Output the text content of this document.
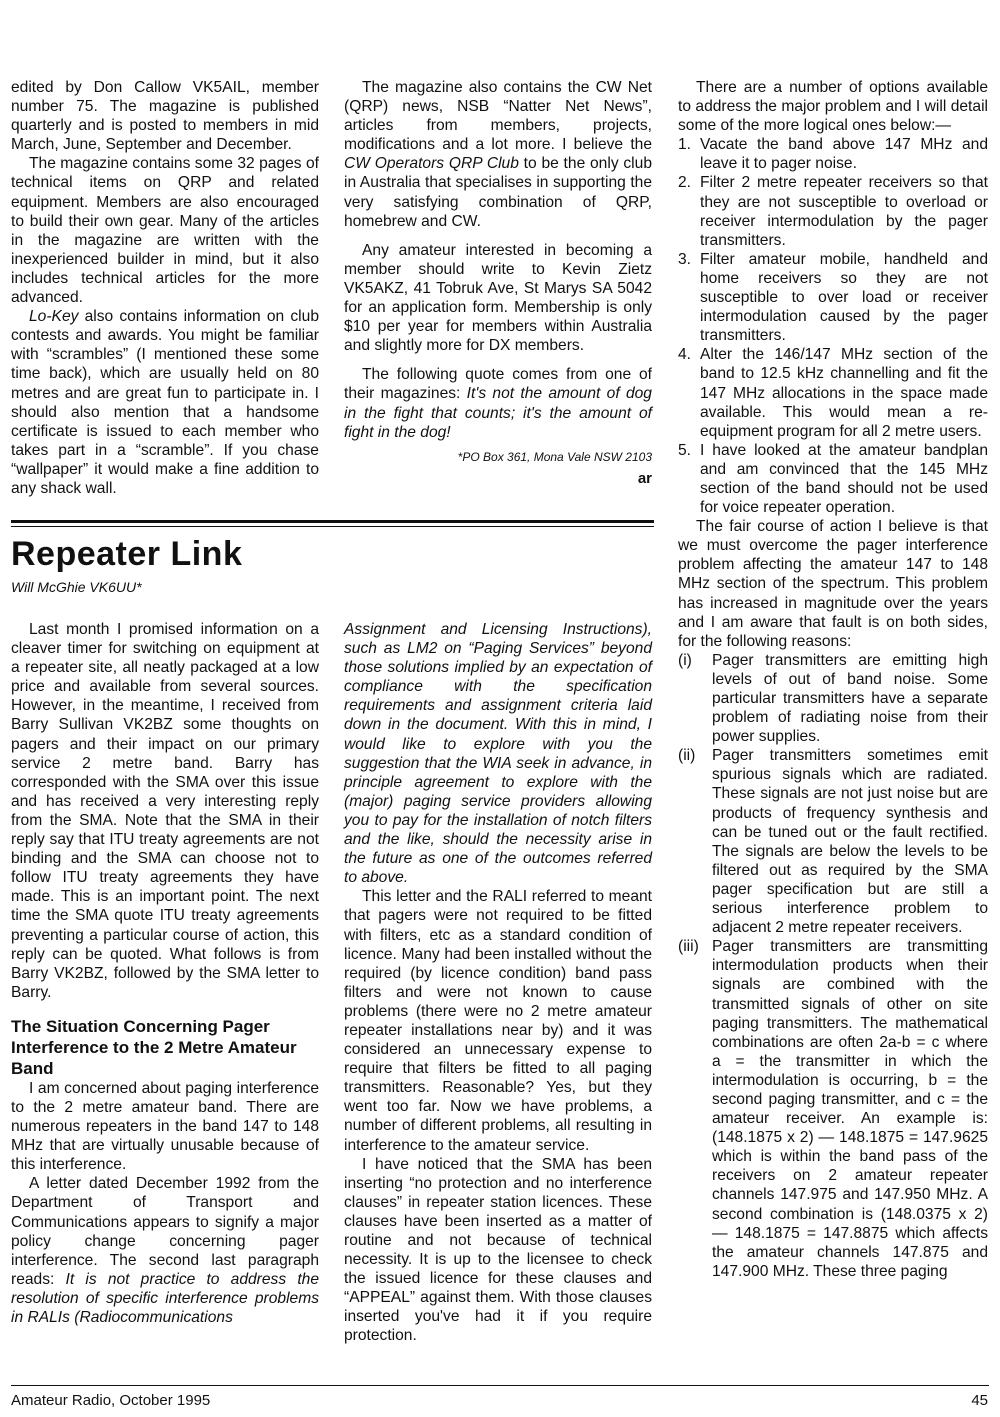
edited by Don Callow VK5AIL, member number 75. The magazine is published quarterly and is posted to members in mid March, June, September and December.

The magazine contains some 32 pages of technical items on QRP and related equipment. Members are also encouraged to build their own gear. Many of the articles in the magazine are written with the inexperienced builder in mind, but it also includes technical articles for the more advanced.

Lo-Key also contains information on club contests and awards. You might be familiar with “scrambles” (I mentioned these some time back), which are usually held on 80 metres and are great fun to participate in. I should also mention that a handsome certificate is issued to each member who takes part in a “scramble”. If you chase “wallpaper” it would make a fine addition to any shack wall.

The magazine also contains the CW Net (QRP) news, NSB “Natter Net News”, articles from members, projects, modifications and a lot more. I believe the CW Operators QRP Club to be the only club in Australia that specialises in supporting the very satisfying combination of QRP, homebrew and CW.

Any amateur interested in becoming a member should write to Kevin Zietz VK5AKZ, 41 Tobruk Ave, St Marys SA 5042 for an application form. Membership is only $10 per year for members within Australia and slightly more for DX members.

The following quote comes from one of their magazines: It's not the amount of dog in the fight that counts; it's the amount of fight in the dog!

*PO Box 361, Mona Vale NSW 2103

ar

There are a number of options available to address the major problem and I will detail some of the more logical ones below:—

1. Vacate the band above 147 MHz and leave it to pager noise.
2. Filter 2 metre repeater receivers so that they are not susceptible to overload or receiver intermodulation by the pager transmitters.
3. Filter amateur mobile, handheld and home receivers so they are not susceptible to over load or receiver intermodulation caused by the pager transmitters.
4. Alter the 146/147 MHz section of the band to 12.5 kHz channelling and fit the 147 MHz allocations in the space made available. This would mean a re-equipment program for all 2 metre users.
5. I have looked at the amateur bandplan and am convinced that the 145 MHz section of the band should not be used for voice repeater operation.

The fair course of action I believe is that we must overcome the pager interference problem affecting the amateur 147 to 148 MHz section of the spectrum. This problem has increased in magnitude over the years and I am aware that fault is on both sides, for the following reasons:

(i) Pager transmitters are emitting high levels of out of band noise. Some particular transmitters have a separate problem of radiating noise from their power supplies.
(ii) Pager transmitters sometimes emit spurious signals which are radiated. These signals are not just noise but are products of frequency synthesis and can be tuned out or the fault rectified. The signals are below the levels to be filtered out as required by the SMA pager specification but are still a serious interference problem to adjacent 2 metre repeater receivers.
(iii) Pager transmitters are transmitting intermodulation products when their signals are combined with the transmitted signals of other on site paging transmitters. The mathematical combinations are often 2a-b = c where a = the transmitter in which the intermodulation is occurring, b = the second paging transmitter, and c = the amateur receiver. An example is: (148.1875 x 2) — 148.1875 = 147.9625 which is within the band pass of the receivers on 2 amateur repeater channels 147.975 and 147.950 MHz. A second combination is (148.0375 x 2) — 148.1875 = 147.8875 which affects the amateur channels 147.875 and 147.900 MHz. These three paging
Repeater Link
Will McGhie VK6UU*

Last month I promised information on a cleaver timer for switching on equipment at a repeater site, all neatly packaged at a low price and available from several sources. However, in the meantime, I received from Barry Sullivan VK2BZ some thoughts on pagers and their impact on our primary service 2 metre band. Barry has corresponded with the SMA over this issue and has received a very interesting reply from the SMA. Note that the SMA in their reply say that ITU treaty agreements are not binding and the SMA can choose not to follow ITU treaty agreements they have made. This is an important point. The next time the SMA quote ITU treaty agreements preventing a particular course of action, this reply can be quoted. What follows is from Barry VK2BZ, followed by the SMA letter to Barry.

The Situation Concerning Pager Interference to the 2 Metre Amateur Band

I am concerned about paging interference to the 2 metre amateur band. There are numerous repeaters in the band 147 to 148 MHz that are virtually unusable because of this interference.

A letter dated December 1992 from the Department of Transport and Communications appears to signify a major policy change concerning pager interference. The second last paragraph reads: It is not practice to address the resolution of specific interference problems in RALIs (Radiocommunications

Assignment and Licensing Instructions), such as LM2 on “Paging Services” beyond those solutions implied by an expectation of compliance with the specification requirements and assignment criteria laid down in the document. With this in mind, I would like to explore with you the suggestion that the WIA seek in advance, in principle agreement to explore with the (major) paging service providers allowing you to pay for the installation of notch filters and the like, should the necessity arise in the future as one of the outcomes referred to above.

This letter and the RALI referred to meant that pagers were not required to be fitted with filters, etc as a standard condition of licence. Many had been installed without the required (by licence condition) band pass filters and were not known to cause problems (there were no 2 metre amateur repeater installations near by) and it was considered an unnecessary expense to require that filters be fitted to all paging transmitters. Reasonable? Yes, but they went too far. Now we have problems, a number of different problems, all resulting in interference to the amateur service.

I have noticed that the SMA has been inserting “no protection and no interference clauses” in repeater station licences. These clauses have been inserted as a matter of routine and not because of technical necessity. It is up to the licensee to check the issued licence for these clauses and “APPEAL” against them. With those clauses inserted you've had it if you require protection.

Amateur Radio, October 1995	45
